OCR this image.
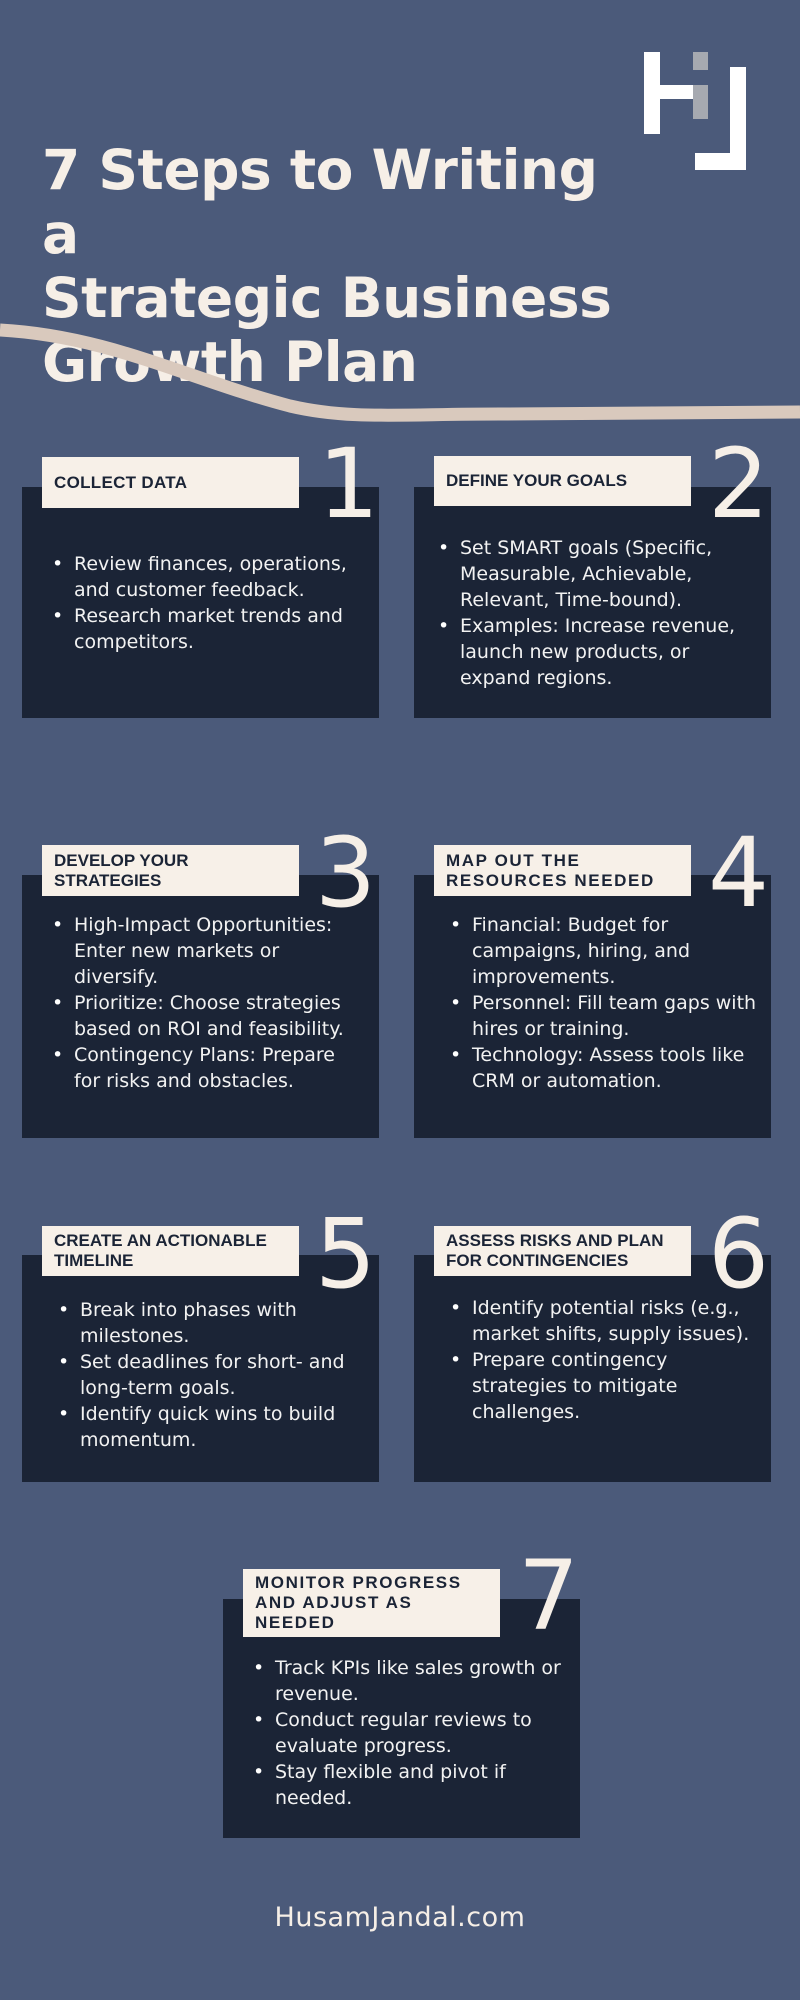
7 Steps to Writing a
Strategic Business
Growth Plan
• Review finances, operations, and customer feedback.
• Research market trends and competitors.
COLLECT DATA	1
• Set SMART goals (Specific, Measurable, Achievable, Relevant, Time-bound).
• Examples: Increase revenue, launch new products, or expand regions.
DEFINE YOUR GOALS 2
• High-Impact Opportunities: Enter new markets or diversify.
• Prioritize: Choose strategies based on ROI and feasibility.
• Contingency Plans: Prepare for risks and obstacles.
DEVELOP YOUR STRATEGIES	3	• Financial: Budget for campaigns, hiring, and improvements.
• Personnel: Fill team gaps with hires or training.
• Technology: Assess tools like CRM or automation.
MAP OUT THE RESOURCES NEEDED 4
• Break into phases with milestones.
• Set deadlines for short- and long-term goals.
• Identify quick wins to build momentum.
CREATE AN ACTIONABLE TIMELINE	5	• Identify potential risks (e.g., market shifts, supply issues).
• Prepare contingency strategies to mitigate challenges.
ASSESS RISKS AND PLAN FOR CONTINGENCIES 6
• Track KPIs like sales growth or revenue.
• Conduct regular reviews to evaluate progress.
• Stay flexible and pivot if needed.
MONITOR PROGRESS AND ADJUST AS NEEDED	7
HusamJandal.com
